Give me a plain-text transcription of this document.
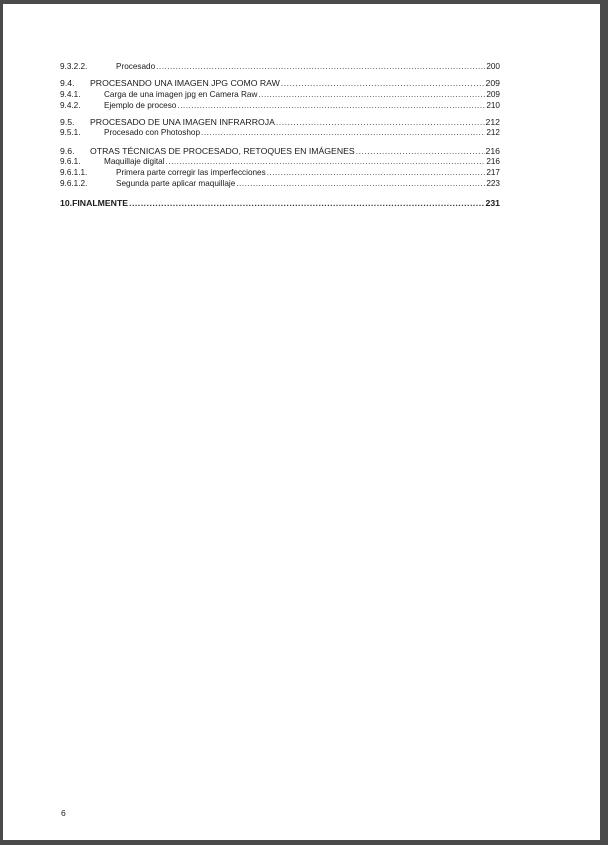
9.3.2.2.	Procesado .....	200
9.4.	PROCESANDO UNA IMAGEN JPG COMO RAW .....	209
9.4.1.	Carga de una imagen jpg en Camera Raw .....	209
9.4.2.	Ejemplo de proceso .....	210
9.5.	PROCESADO DE UNA IMAGEN INFRARROJA .....	212
9.5.1.	Procesado con Photoshop .....	212
9.6.	OTRAS TÉCNICAS DE PROCESADO, RETOQUES EN IMÁGENES .....	216
9.6.1.	Maquillaje digital .....	216
9.6.1.1.	Primera parte corregir las imperfecciones .....	217
9.6.1.2.	Segunda parte aplicar maquillaje .....	223
10.FINALMENTE .....	231
6
